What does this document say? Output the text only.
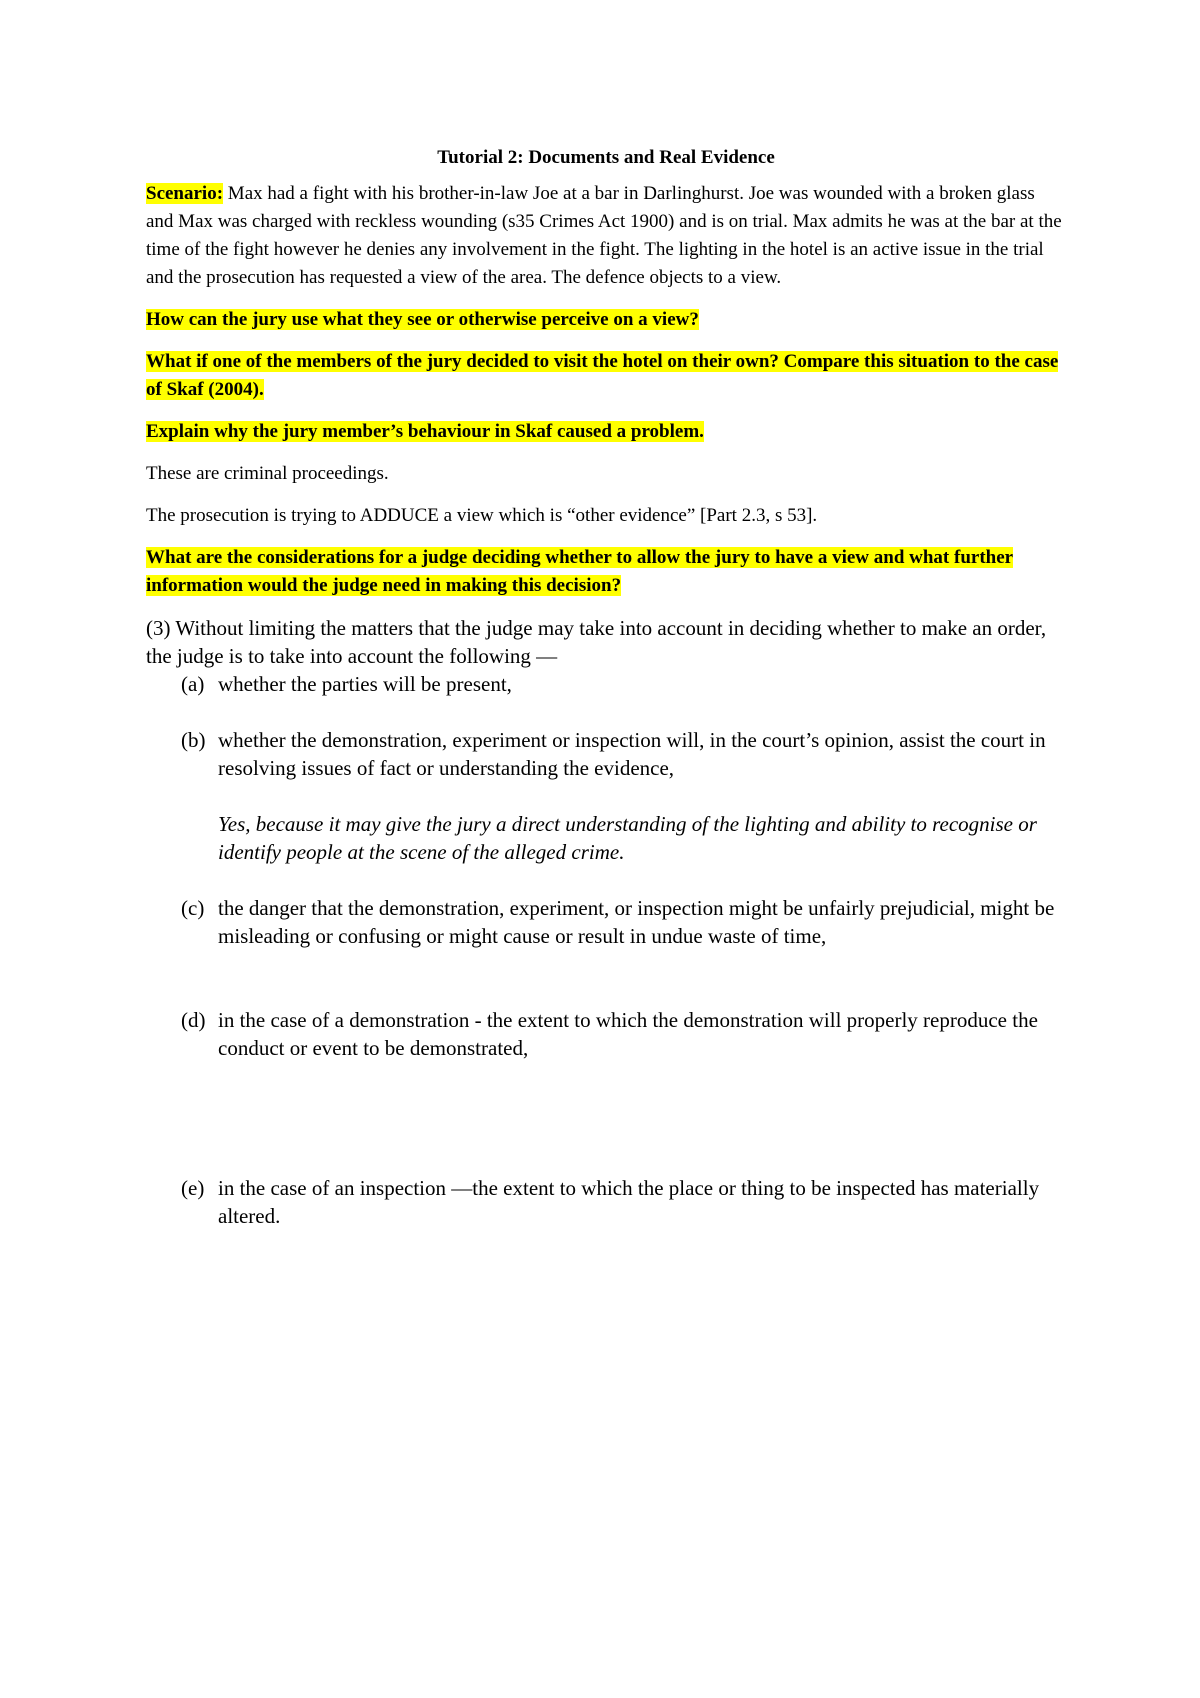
Tutorial 2: Documents and Real Evidence

Scenario: Max had a fight with his brother-in-law Joe at a bar in Darlinghurst. Joe was wounded with a broken glass and Max was charged with reckless wounding (s35 Crimes Act 1900) and is on trial. Max admits he was at the bar at the time of the fight however he denies any involvement in the fight. The lighting in the hotel is an active issue in the trial and the prosecution has requested a view of the area. The defence objects to a view.

How can the jury use what they see or otherwise perceive on a view?

What if one of the members of the jury decided to visit the hotel on their own? Compare this situation to the case of Skaf (2004).

Explain why the jury member’s behaviour in Skaf caused a problem.

These are criminal proceedings.

The prosecution is trying to ADDUCE a view which is “other evidence” [Part 2.3, s 53].

What are the considerations for a judge deciding whether to allow the jury to have a view and what further information would the judge need in making this decision?

(3) Without limiting the matters that the judge may take into account in deciding whether to make an order, the judge is to take into account the following —

(a) whether the parties will be present,
(b) whether the demonstration, experiment or inspection will, in the court’s opinion, assist the court in resolving issues of fact or understanding the evidence,

Yes, because it may give the jury a direct understanding of the lighting and ability to recognise or identify people at the scene of the alleged crime.

(c) the danger that the demonstration, experiment, or inspection might be unfairly prejudicial, might be misleading or confusing or might cause or result in undue waste of time,
(d) in the case of a demonstration - the extent to which the demonstration will properly reproduce the conduct or event to be demonstrated,
(e) in the case of an inspection —the extent to which the place or thing to be inspected has materially altered.
